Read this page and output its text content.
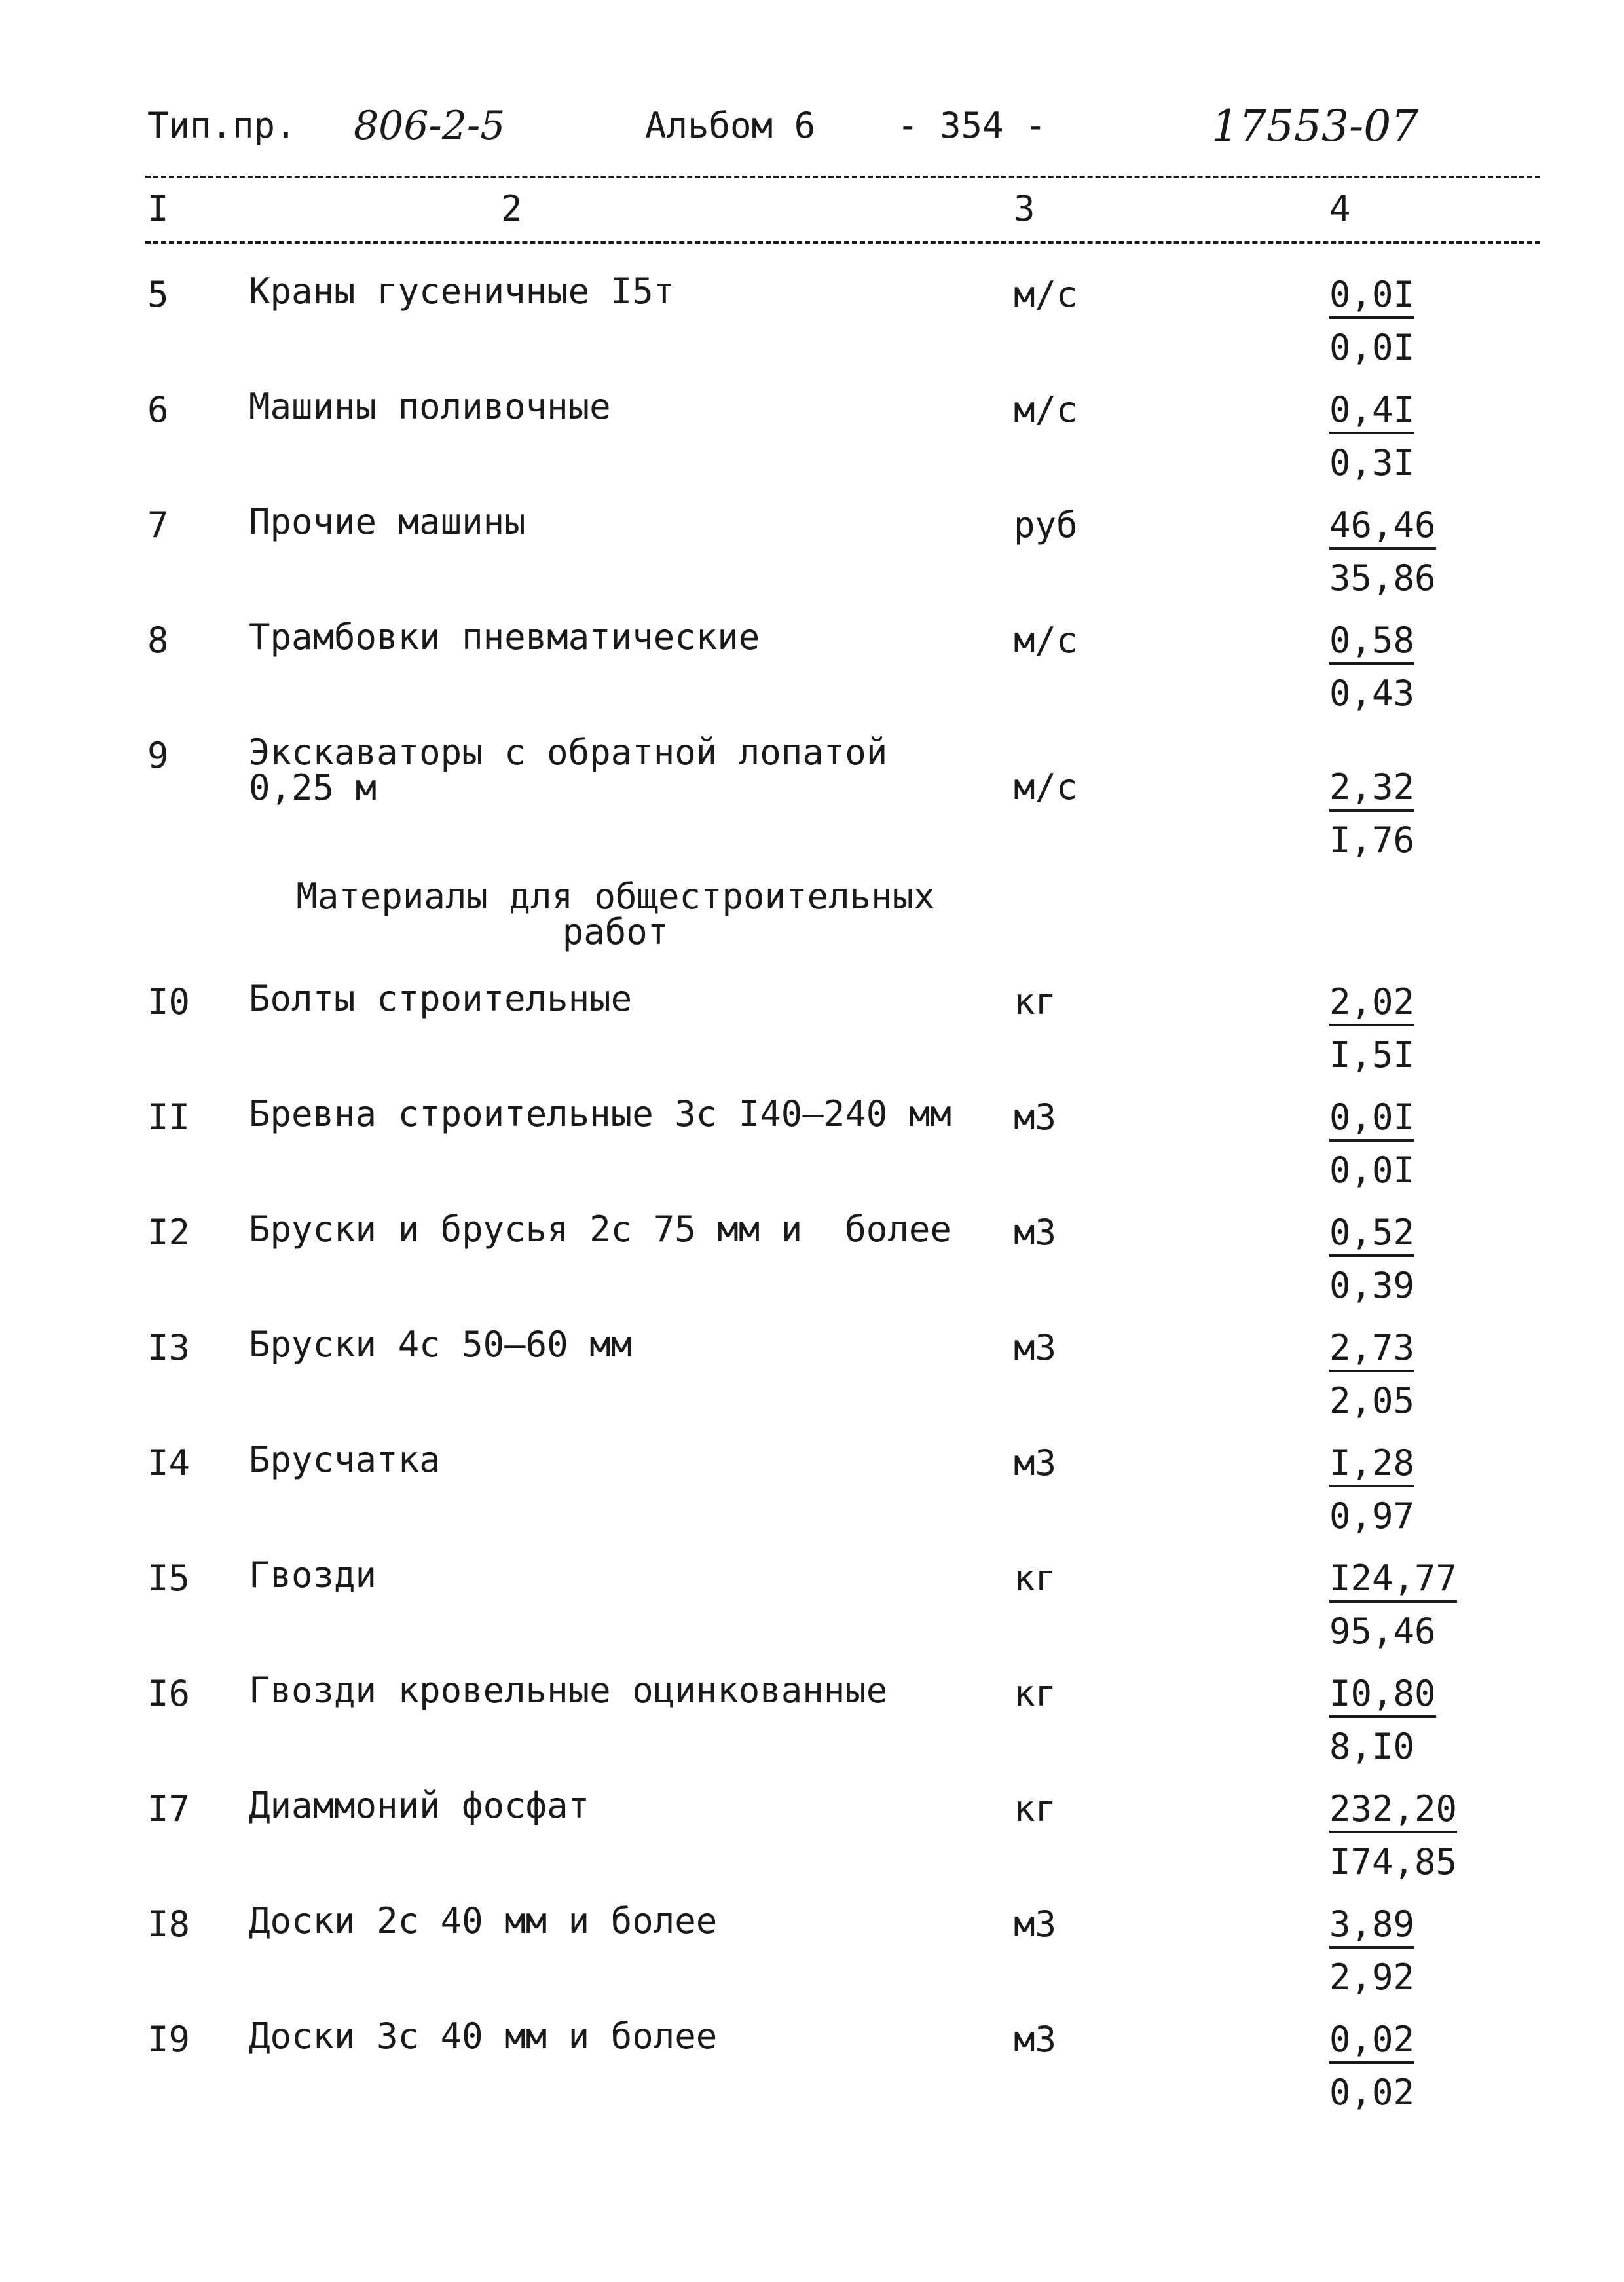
Тип.пр. 806-2-5	Альбом 6 - 354 -	17553-07
I	2	3	4
5 Краны гусеничные I5т	м/с	0,0I
0,0I
6 Машины поливочные	м/с	0,4I
0,3I
7 Прочие машины	руб	46,46
35,86
8 Трамбовки пневматические	м/с	0,58
0,43
9 Экскаваторы с обратной лопатой
0,25 м	м/с	2,32
I,76
Материалы для общестроительных
работ
I0 Болты строительные	кг	2,02
I,5I
II Бревна строительные 3с I40–240 мм м3	0,0I
0,0I
I2 Бруски и брусья 2с 75 мм и  более м3	0,52
0,39
I3 Бруски 4с 50–60 мм	м3	2,73
2,05
I4 Брусчатка	м3	I,28
0,97
I5 Гвозди	кг	I24,77
95,46
I6 Гвозди кровельные оцинкованные	кг	I0,80
8,I0
I7 Диаммоний фосфат	кг	232,20
I74,85
I8 Доски 2с 40 мм и более	м3	3,89
2,92
I9 Доски 3с 40 мм и более	м3	0,02
0,02
